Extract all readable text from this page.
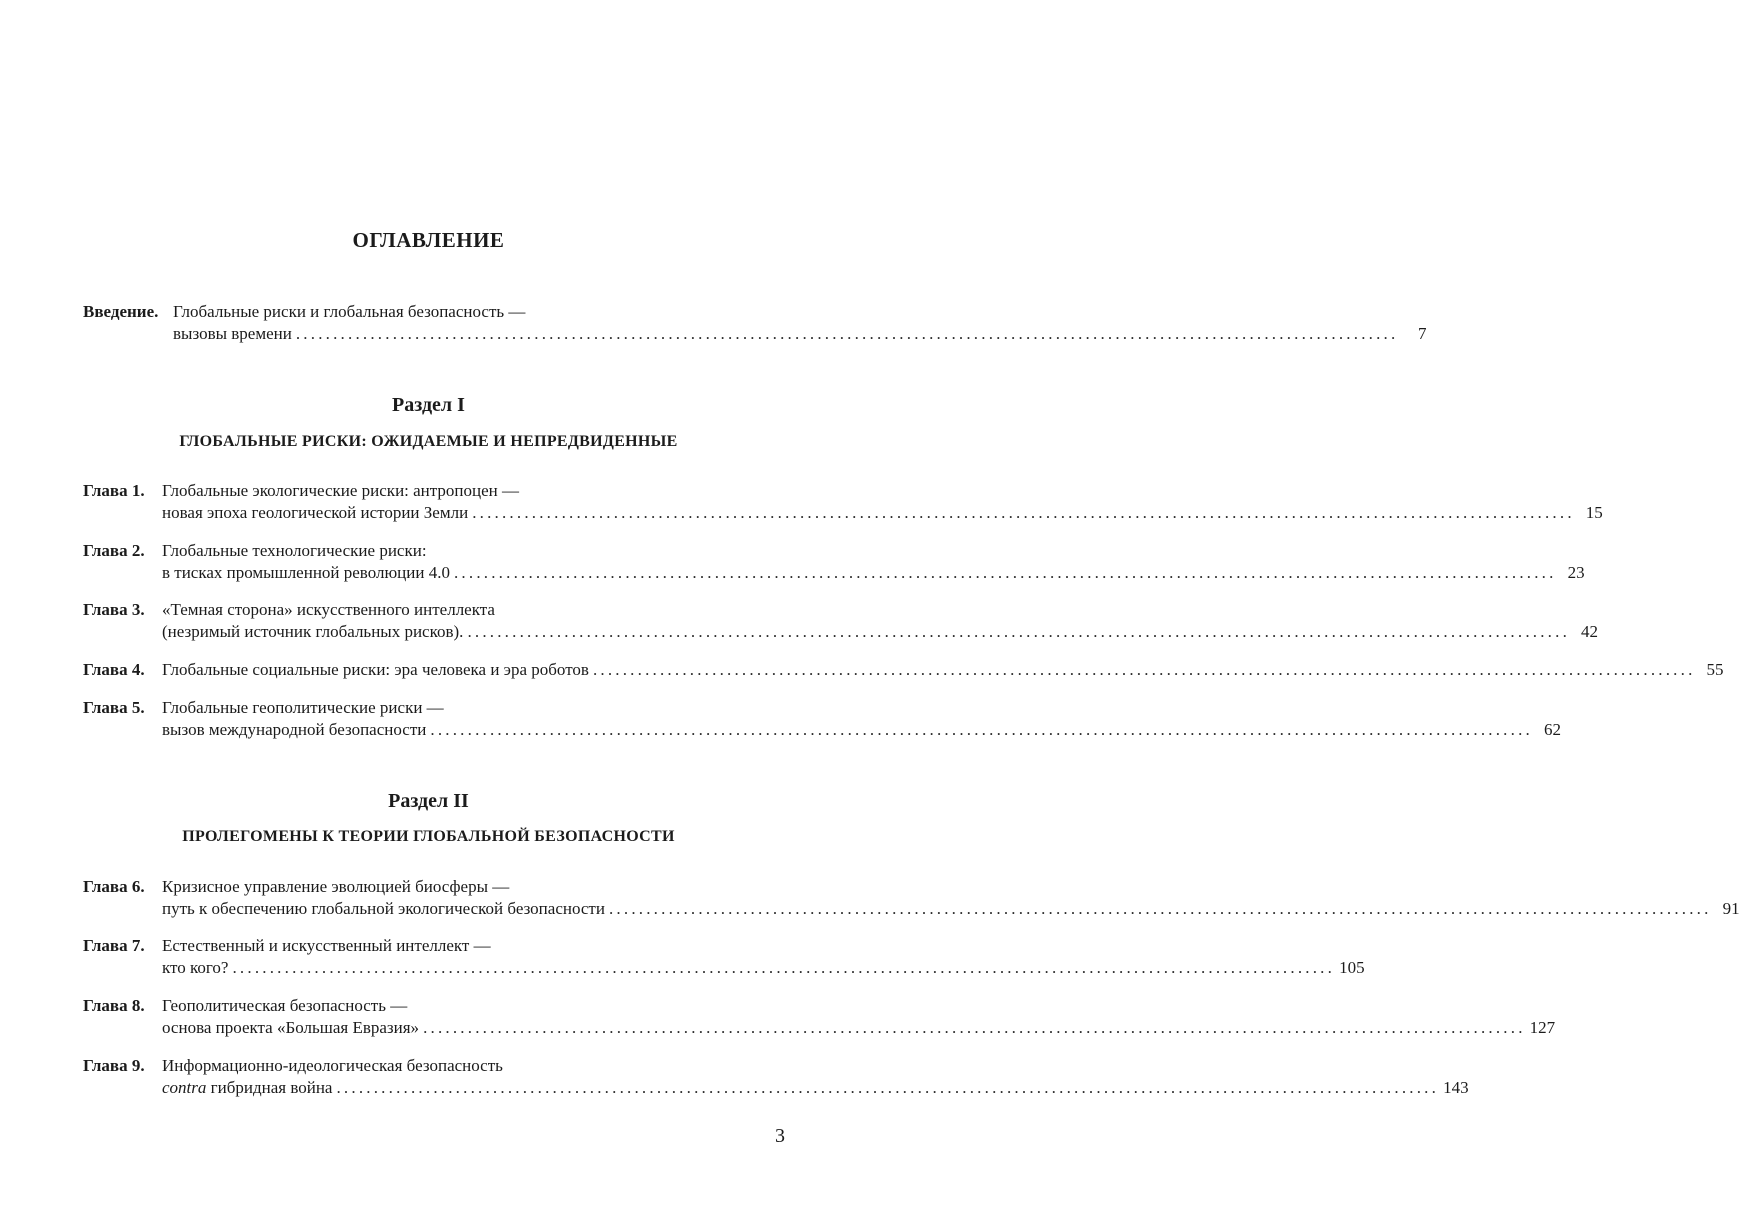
ОГЛАВЛЕНИЕ
Введение. Глобальные риски и глобальная безопасность —
вызовы времени ....................................................................................................................................................	7
Раздел I
ГЛОБАЛЬНЫЕ РИСКИ: ОЖИДАЕМЫЕ И НЕПРЕДВИДЕННЫЕ
Глава 1. Глобальные экологические риски: антропоцен —
новая эпоха геологической истории Земли .................................................................................................................................................... 15
Глава 2. Глобальные технологические риски:
в тисках промышленной революции 4.0 .................................................................................................................................................... 23
Глава 3. «Темная сторона» искусственного интеллекта
(незримый источник глобальных рисков). .................................................................................................................................................... 42
Глава 4. Глобальные социальные риски: эра человека и эра роботов .................................................................................................................................................... 55
Глава 5. Глобальные геополитические риски —
вызов международной безопасности .................................................................................................................................................... 62
Раздел II
ПРОЛЕГОМЕНЫ К ТЕОРИИ ГЛОБАЛЬНОЙ БЕЗОПАСНОСТИ
Глава 6. Кризисное управление эволюцией биосферы —
путь к обеспечению глобальной экологической безопасности .................................................................................................................................................... 91
Глава 7. Естественный и искусственный интеллект —
кто кого? .................................................................................................................................................... 105
Глава 8. Геополитическая безопасность —
основа проекта «Большая Евразия» .................................................................................................................................................... 127
Глава 9. Информационно-идеологическая безопасность
contra гибридная война .................................................................................................................................................... 143
3
